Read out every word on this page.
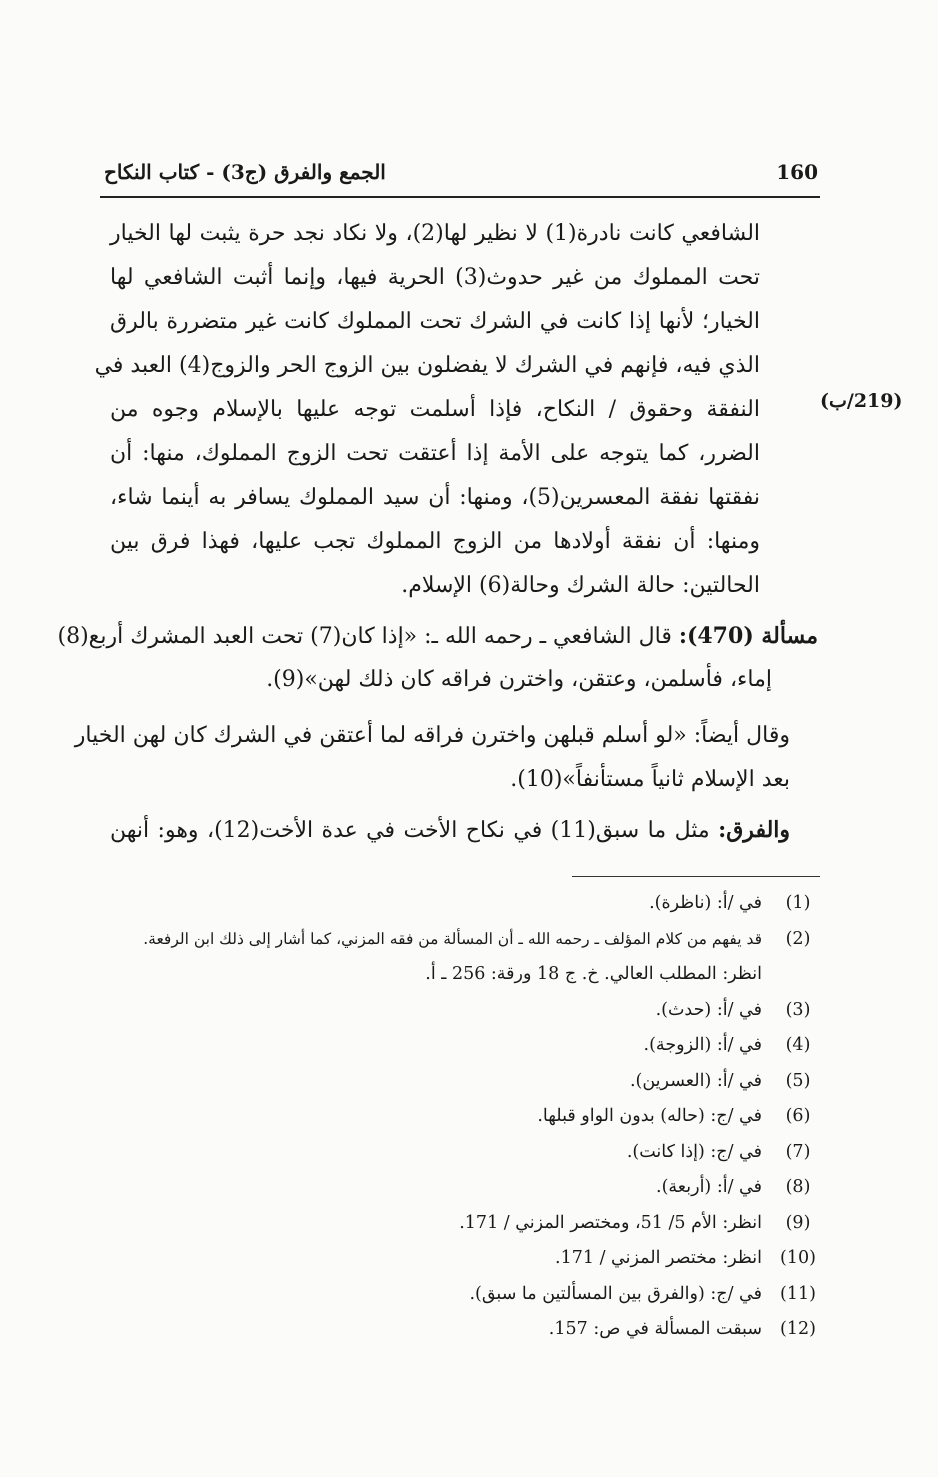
160
الجمع والفرق (ج3) - كتاب النكاح
(219/ب)
الشافعي كانت نادرة(1) لا نظير لها(2)، ولا نكاد نجد حرة يثبت لها الخيار
تحت المملوك من غير حدوث(3) الحرية فيها، وإنما أثبت الشافعي لها
الخيار؛ لأنها إذا كانت في الشرك تحت المملوك كانت غير متضررة بالرق
الذي فيه، فإنهم في الشرك لا يفضلون بين الزوج الحر والزوج(4) العبد في
النفقة وحقوق / النكاح، فإذا أسلمت توجه عليها بالإسلام وجوه من
الضرر، كما يتوجه على الأمة إذا أعتقت تحت الزوج المملوك، منها: أن
نفقتها نفقة المعسرين(5)، ومنها: أن سيد المملوك يسافر به أينما شاء،
ومنها: أن نفقة أولادها من الزوج المملوك تجب عليها، فهذا فرق بين
الحالتين: حالة الشرك وحالة(6) الإسلام.
مسألة (470): قال الشافعي ـ رحمه الله ـ: «إذا كان(7) تحت العبد المشرك أربع(8)
إماء، فأسلمن، وعتقن، واخترن فراقه كان ذلك لهن»(9).
وقال أيضاً: «لو أسلم قبلهن واخترن فراقه لما أعتقن في الشرك كان لهن الخيار
بعد الإسلام ثانياً مستأنفاً»(10).
والفرق: مثل ما سبق(11) في نكاح الأخت في عدة الأخت(12)، وهو: أنهن
(1)
في /أ: (ناظرة).
(2)
قد يفهم من كلام المؤلف ـ رحمه الله ـ أن المسألة من فقه المزني، كما أشار إلى ذلك ابن الرفعة.
انظر: المطلب العالي. خ. ج 18 ورقة: 256 ـ أ.
(3)
في /أ: (حدث).
(4)
في /أ: (الزوجة).
(5)
في /أ: (العسرين).
(6)
في /ج: (حاله) بدون الواو قبلها.
(7)
في /ج: (إذا كانت).
(8)
في /أ: (أربعة).
(9)
انظر: الأم 5/ 51، ومختصر المزني / 171.
(10)
انظر: مختصر المزني / 171.
(11)
في /ج: (والفرق بين المسألتين ما سبق).
(12)
سبقت المسألة في ص: 157.
